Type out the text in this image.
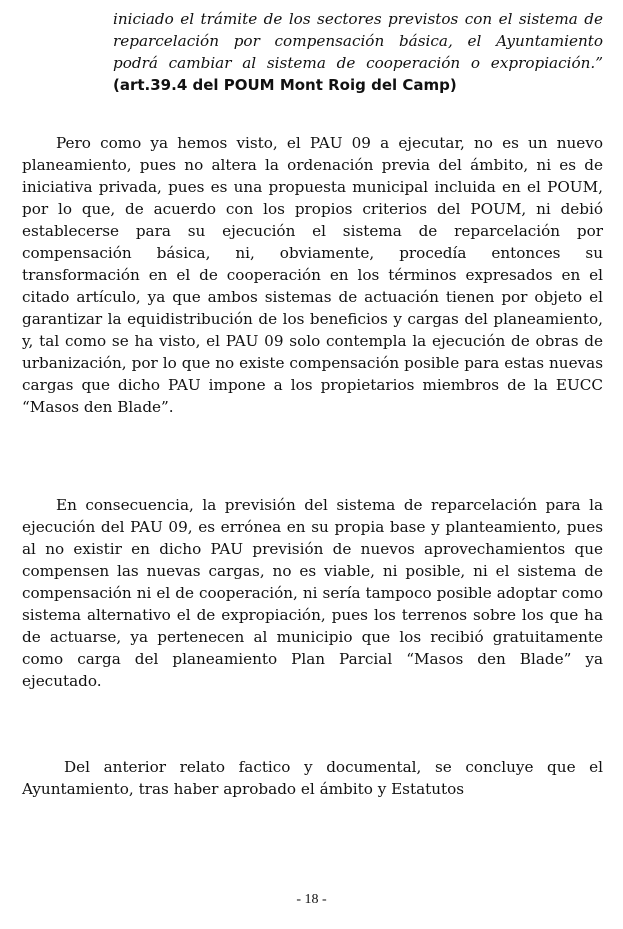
iniciado el trámite de los sectores previstos con el sistema de reparcelación por compensación básica, el Ayuntamiento podrá cambiar al sistema de cooperación o expropiación.” (art.39.4 del POUM Mont Roig del Camp)

Pero como ya hemos visto, el PAU 09 a ejecutar, no es un nuevo planeamiento, pues no altera la ordenación previa del ámbito, ni es de iniciativa privada, pues es una propuesta municipal incluida en el POUM, por lo que, de acuerdo con los propios criterios del POUM, ni debió establecerse para su ejecución el sistema de reparcelación por compensación básica, ni, obviamente, procedía entonces su transformación en el de cooperación en los términos expresados en el citado artículo, ya que ambos sistemas de actuación tienen por objeto el garantizar la equidistribución de los beneficios y cargas del planeamiento, y, tal como se ha visto, el PAU 09 solo contempla la ejecución de obras de urbanización, por lo que no existe compensación posible para estas nuevas cargas que dicho PAU impone a los propietarios miembros de la EUCC “Masos den Blade”.

En consecuencia, la previsión del sistema de reparcelación para la ejecución del PAU 09, es errónea en su propia base y planteamiento, pues al no existir en dicho PAU previsión de nuevos aprovechamientos que compensen las nuevas cargas, no es viable, ni posible, ni el sistema de compensación ni el de cooperación, ni sería tampoco posible adoptar como sistema alternativo el de expropiación, pues los terrenos sobre los que ha de actuarse, ya pertenecen al municipio que los recibió gratuitamente como carga del planeamiento Plan Parcial “Masos den Blade” ya ejecutado.

Del anterior relato factico y documental, se concluye que el Ayuntamiento, tras haber aprobado el ámbito y Estatutos

- 18 -
